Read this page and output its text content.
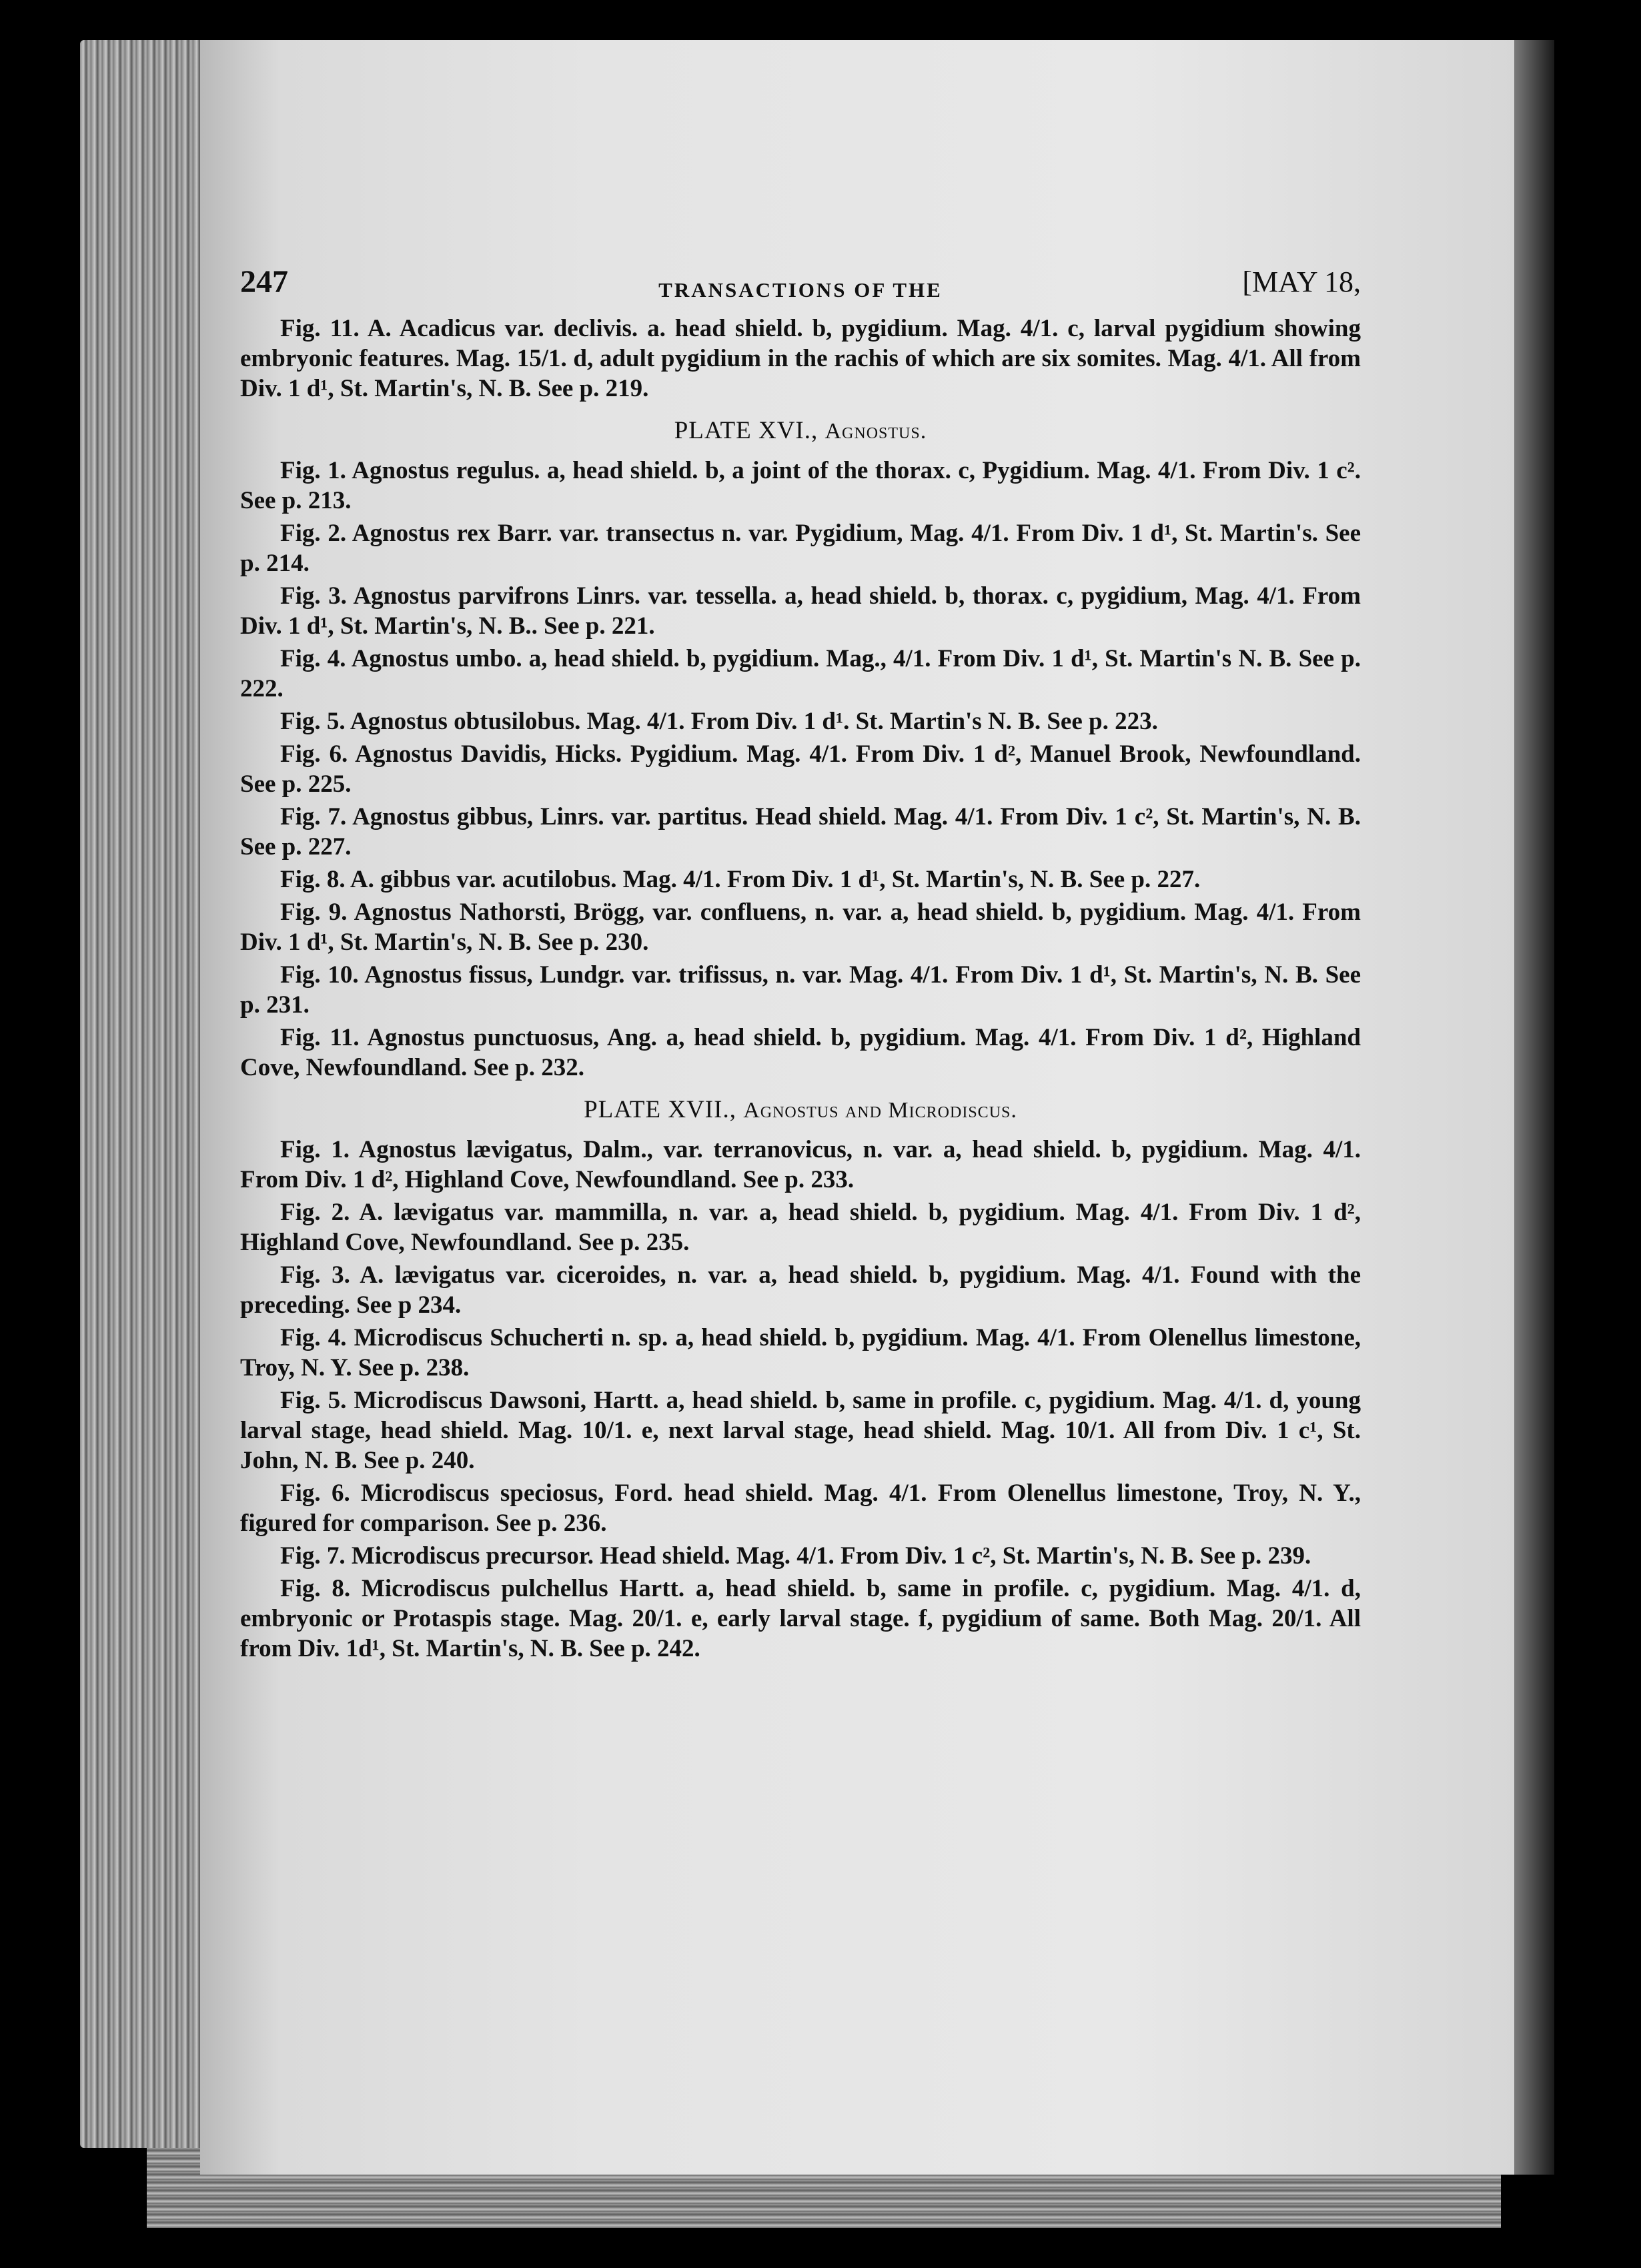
247	TRANSACTIONS OF THE	[MAY 18,

Fig. 11. A. Acadicus var. declivis. a. head shield. b, pygidium. Mag. 4/1. c, larval pygidium showing embryonic features. Mag. 15/1. d, adult pygidium in the rachis of which are six somites. Mag. 4/1. All from Div. 1 d¹, St. Martin's, N. B. See p. 219.

PLATE XVI., Agnostus.

Fig. 1. Agnostus regulus. a, head shield. b, a joint of the thorax. c, Pygidium. Mag. 4/1. From Div. 1 c². See p. 213.

Fig. 2. Agnostus rex Barr. var. transectus n. var. Pygidium, Mag. 4/1. From Div. 1 d¹, St. Martin's. See p. 214.

Fig. 3. Agnostus parvifrons Linrs. var. tessella. a, head shield. b, thorax. c, pygidium, Mag. 4/1. From Div. 1 d¹, St. Martin's, N. B.. See p. 221.

Fig. 4. Agnostus umbo. a, head shield. b, pygidium. Mag., 4/1. From Div. 1 d¹, St. Martin's N. B. See p. 222.

Fig. 5. Agnostus obtusilobus. Mag. 4/1. From Div. 1 d¹. St. Martin's N. B. See p. 223.

Fig. 6. Agnostus Davidis, Hicks. Pygidium. Mag. 4/1. From Div. 1 d², Manuel Brook, Newfoundland. See p. 225.

Fig. 7. Agnostus gibbus, Linrs. var. partitus. Head shield. Mag. 4/1. From Div. 1 c², St. Martin's, N. B. See p. 227.

Fig. 8. A. gibbus var. acutilobus. Mag. 4/1. From Div. 1 d¹, St. Martin's, N. B. See p. 227.

Fig. 9. Agnostus Nathorsti, Brögg, var. confluens, n. var. a, head shield. b, pygidium. Mag. 4/1. From Div. 1 d¹, St. Martin's, N. B. See p. 230.

Fig. 10. Agnostus fissus, Lundgr. var. trifissus, n. var. Mag. 4/1. From Div. 1 d¹, St. Martin's, N. B. See p. 231.

Fig. 11. Agnostus punctuosus, Ang. a, head shield. b, pygidium. Mag. 4/1. From Div. 1 d², Highland Cove, Newfoundland. See p. 232.

PLATE XVII., Agnostus and Microdiscus.

Fig. 1. Agnostus lævigatus, Dalm., var. terranovicus, n. var. a, head shield. b, pygidium. Mag. 4/1. From Div. 1 d², Highland Cove, Newfoundland. See p. 233.

Fig. 2. A. lævigatus var. mammilla, n. var. a, head shield. b, pygidium. Mag. 4/1. From Div. 1 d², Highland Cove, Newfoundland. See p. 235.

Fig. 3. A. lævigatus var. ciceroides, n. var. a, head shield. b, pygidium. Mag. 4/1. Found with the preceding. See p 234.

Fig. 4. Microdiscus Schucherti n. sp. a, head shield. b, pygidium. Mag. 4/1. From Olenellus limestone, Troy, N. Y. See p. 238.

Fig. 5. Microdiscus Dawsoni, Hartt. a, head shield. b, same in profile. c, pygidium. Mag. 4/1. d, young larval stage, head shield. Mag. 10/1. e, next larval stage, head shield. Mag. 10/1. All from Div. 1 c¹, St. John, N. B. See p. 240.

Fig. 6. Microdiscus speciosus, Ford. head shield. Mag. 4/1. From Olenellus limestone, Troy, N. Y., figured for comparison. See p. 236.

Fig. 7. Microdiscus precursor. Head shield. Mag. 4/1. From Div. 1 c², St. Martin's, N. B. See p. 239.

Fig. 8. Microdiscus pulchellus Hartt. a, head shield. b, same in profile. c, pygidium. Mag. 4/1. d, embryonic or Protaspis stage. Mag. 20/1. e, early larval stage. f, pygidium of same. Both Mag. 20/1. All from Div. 1d¹, St. Martin's, N. B. See p. 242.
